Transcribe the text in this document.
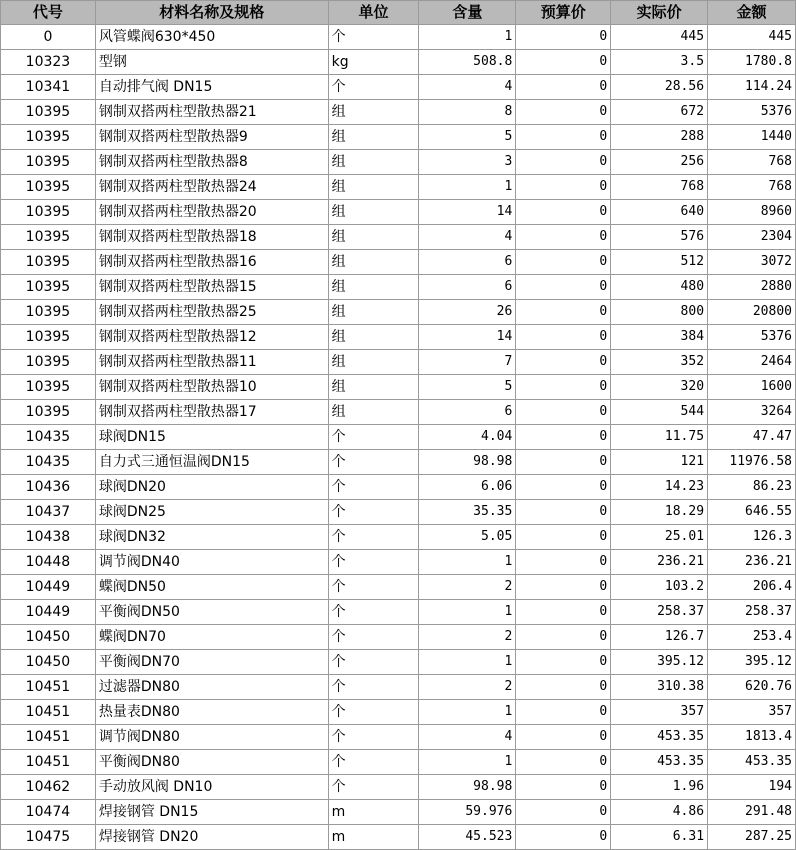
代号	材料名称及规格	单位	含量	预算价	实际价	金额
0	风管蝶阀630*450	个	1	0	445	445
10323	型钢	kg	508.8	0	3.5	1780.8
10341	自动排气阀 DN15	个	4	0	28.56	114.24
10395	钢制双搭两柱型散热器21	组	8	0	672	5376
10395	钢制双搭两柱型散热器9	组	5	0	288	1440
10395	钢制双搭两柱型散热器8	组	3	0	256	768
10395	钢制双搭两柱型散热器24	组	1	0	768	768
10395	钢制双搭两柱型散热器20	组	14	0	640	8960
10395	钢制双搭两柱型散热器18	组	4	0	576	2304
10395	钢制双搭两柱型散热器16	组	6	0	512	3072
10395	钢制双搭两柱型散热器15	组	6	0	480	2880
10395	钢制双搭两柱型散热器25	组	26	0	800	20800
10395	钢制双搭两柱型散热器12	组	14	0	384	5376
10395	钢制双搭两柱型散热器11	组	7	0	352	2464
10395	钢制双搭两柱型散热器10	组	5	0	320	1600
10395	钢制双搭两柱型散热器17	组	6	0	544	3264
10435	球阀DN15	个	4.04	0	11.75	47.47
10435	自力式三通恒温阀DN15	个	98.98	0	121	11976.58
10436	球阀DN20	个	6.06	0	14.23	86.23
10437	球阀DN25	个	35.35	0	18.29	646.55
10438	球阀DN32	个	5.05	0	25.01	126.3
10448	调节阀DN40	个	1	0	236.21	236.21
10449	蝶阀DN50	个	2	0	103.2	206.4
10449	平衡阀DN50	个	1	0	258.37	258.37
10450	蝶阀DN70	个	2	0	126.7	253.4
10450	平衡阀DN70	个	1	0	395.12	395.12
10451	过滤器DN80	个	2	0	310.38	620.76
10451	热量表DN80	个	1	0	357	357
10451	调节阀DN80	个	4	0	453.35	1813.4
10451	平衡阀DN80	个	1	0	453.35	453.35
10462	手动放风阀 DN10	个	98.98	0	1.96	194
10474	焊接钢管 DN15	m	59.976	0	4.86	291.48
10475	焊接钢管 DN20	m	45.523	0	6.31	287.25
